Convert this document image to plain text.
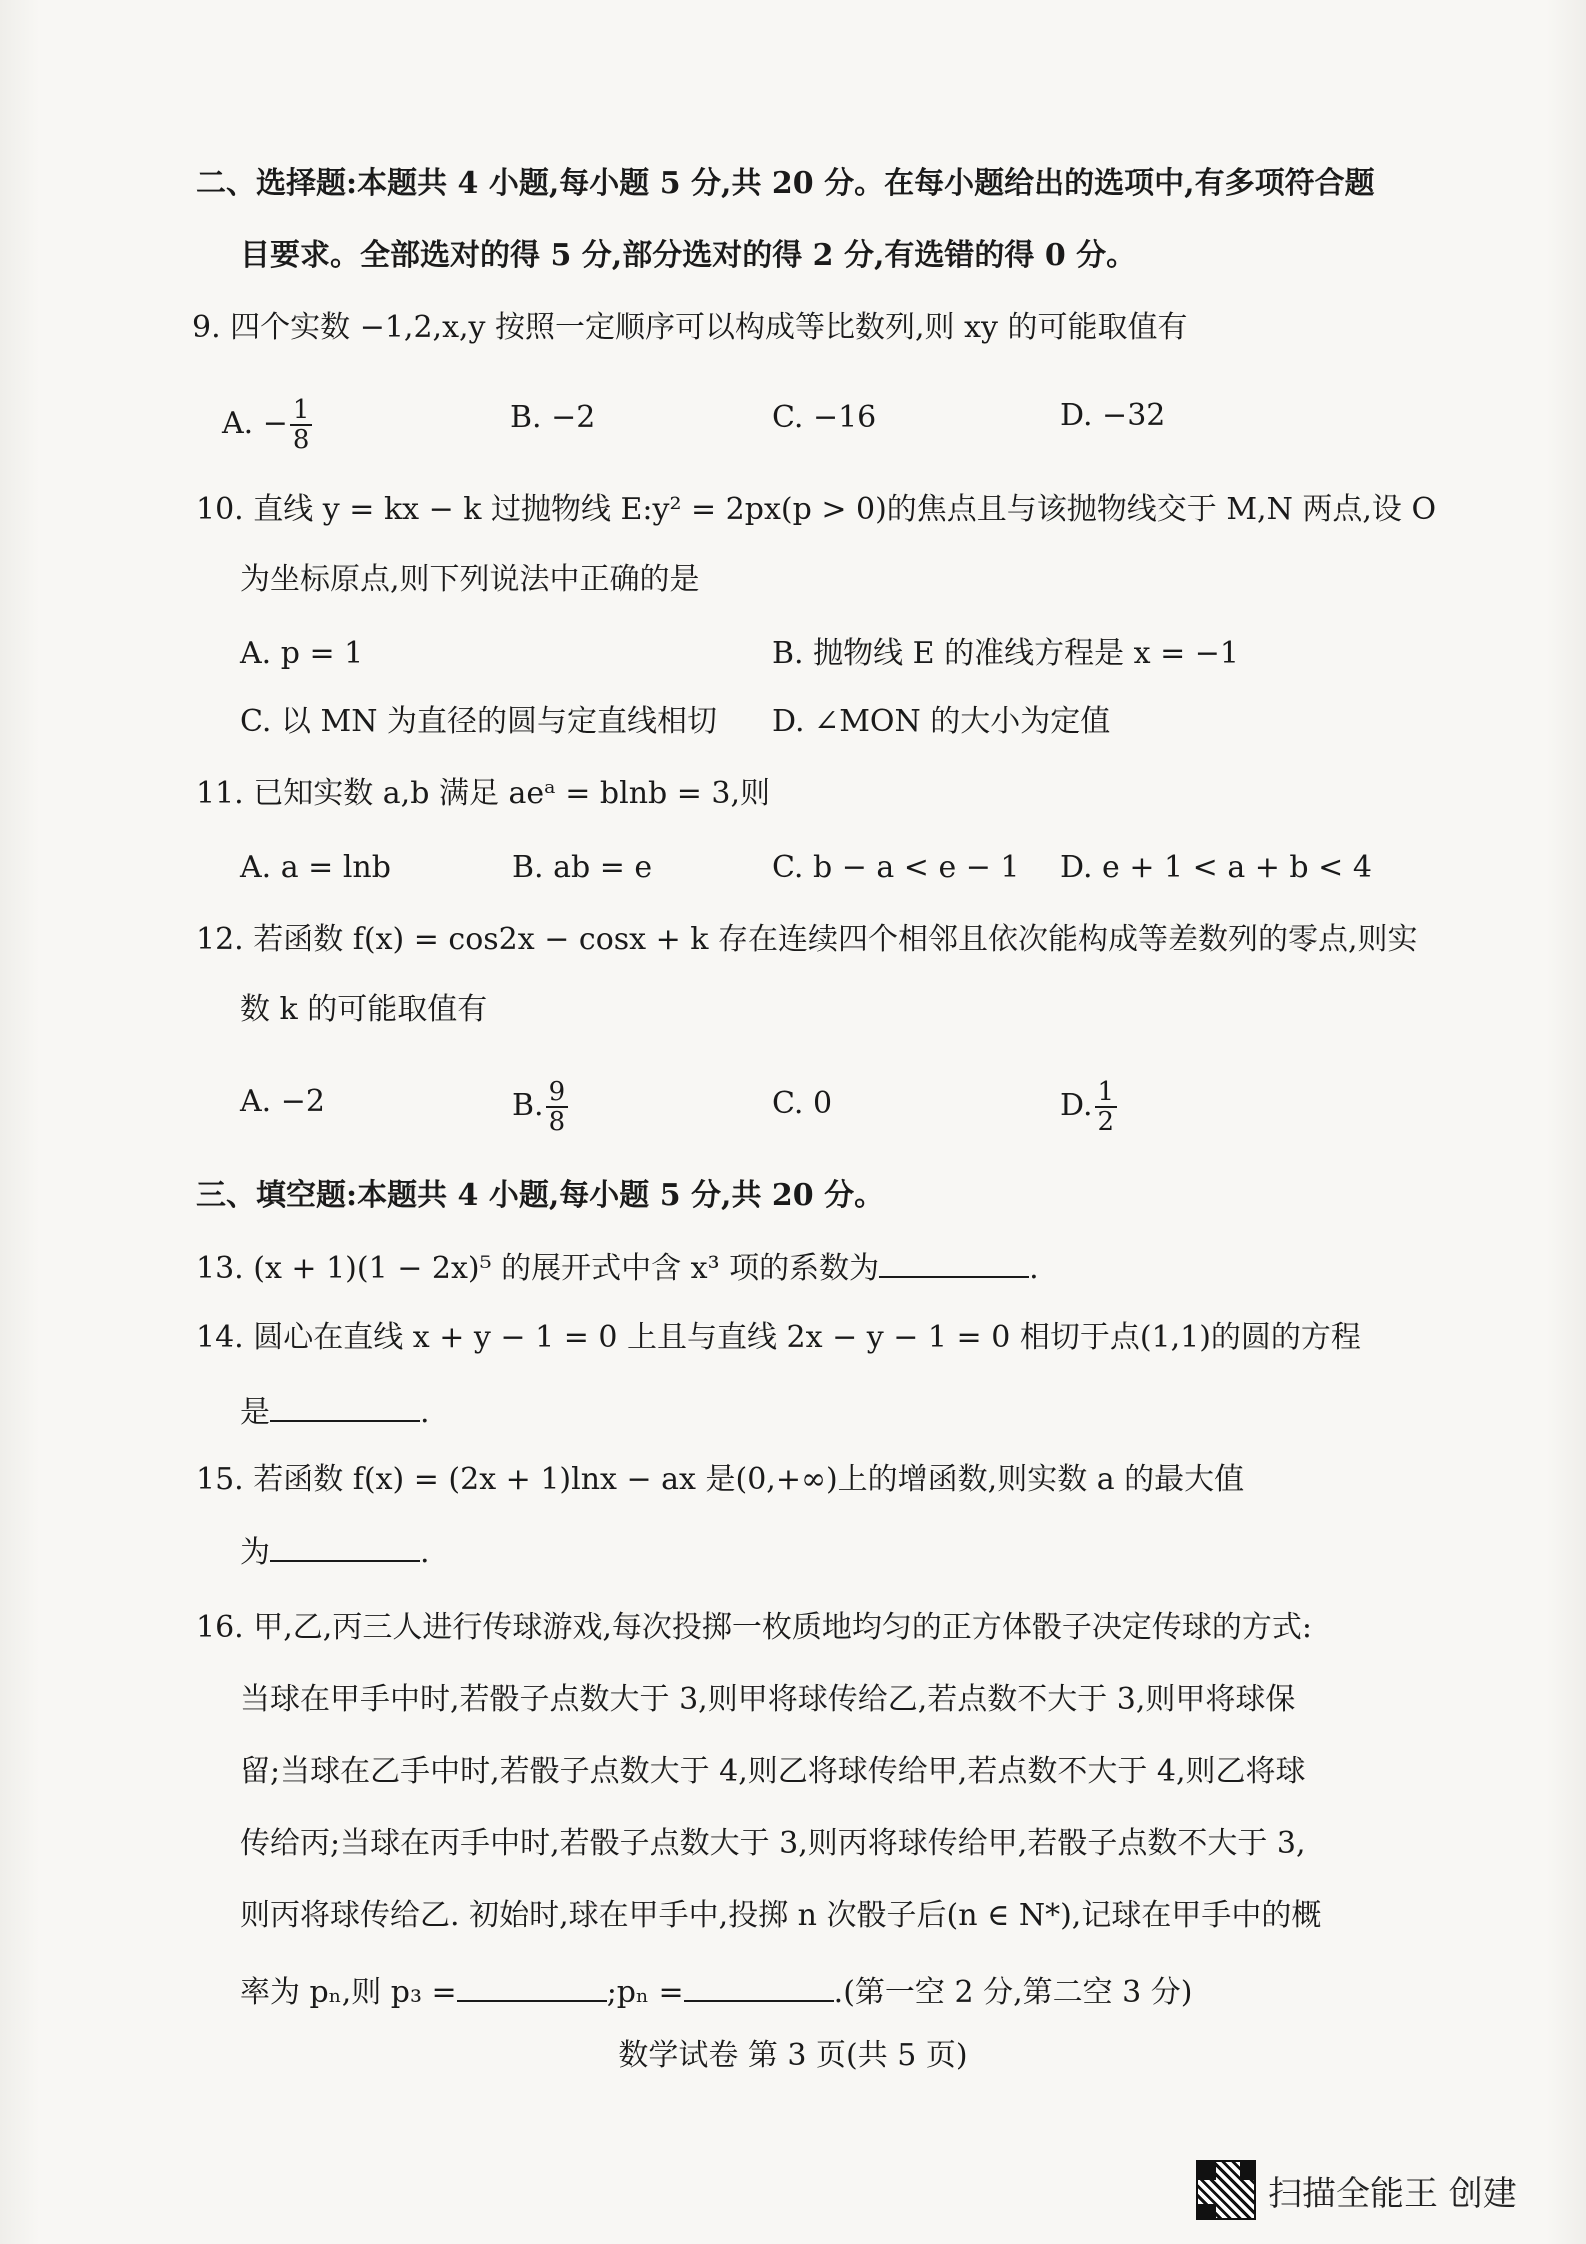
二、选择题:本题共 4 小题,每小题 5 分,共 20 分。在每小题给出的选项中,有多项符合题
目要求。全部选对的得 5 分,部分选对的得 2 分,有选错的得 0 分。
9. 四个实数 −1,2,x,y 按照一定顺序可以构成等比数列,则 xy 的可能取值有
A. − $\frac{1}{8}$	B. −2	C. −16	D. −32
10. 直线 y = kx − k 过抛物线 E:y² = 2px(p > 0)的焦点且与该抛物线交于 M,N 两点,设 O
为坐标原点,则下列说法中正确的是
A. p = 1	B. 抛物线 E 的准线方程是 x = −1
C. 以 MN 为直径的圆与定直线相切 D. ∠MON 的大小为定值
11. 已知实数 a,b 满足 aeᵃ = blnb = 3,则
A. a = lnb	B. ab = e	C. b − a < e − 1 D. e + 1 < a + b < 4
12. 若函数 f(x) = cos2x − cosx + k 存在连续四个相邻且依次能构成等差数列的零点,则实
数 k 的可能取值有
A. −2	B. $\frac{9}{8}$	C. 0	D. $\frac{1}{2}$
三、填空题:本题共 4 小题,每小题 5 分,共 20 分。
13. (x + 1)(1 − 2x)⁵ 的展开式中含 x³ 项的系数为	.
14. 圆心在直线 x + y − 1 = 0 上且与直线 2x − y − 1 = 0 相切于点(1,1)的圆的方程
是	.
15. 若函数 f(x) = (2x + 1)lnx − ax 是(0,+∞)上的增函数,则实数 a 的最大值
为	.
16. 甲,乙,丙三人进行传球游戏,每次投掷一枚质地均匀的正方体骰子决定传球的方式:
当球在甲手中时,若骰子点数大于 3,则甲将球传给乙,若点数不大于 3,则甲将球保
留;当球在乙手中时,若骰子点数大于 4,则乙将球传给甲,若点数不大于 4,则乙将球
传给丙;当球在丙手中时,若骰子点数大于 3,则丙将球传给甲,若骰子点数不大于 3,
则丙将球传给乙. 初始时,球在甲手中,投掷 n 次骰子后(n ∈ N*),记球在甲手中的概
率为 pₙ,则 p₃ =	;pₙ =	.(第一空 2 分,第二空 3 分)
数学试卷 第 3 页(共 5 页)
扫描全能王 创建
